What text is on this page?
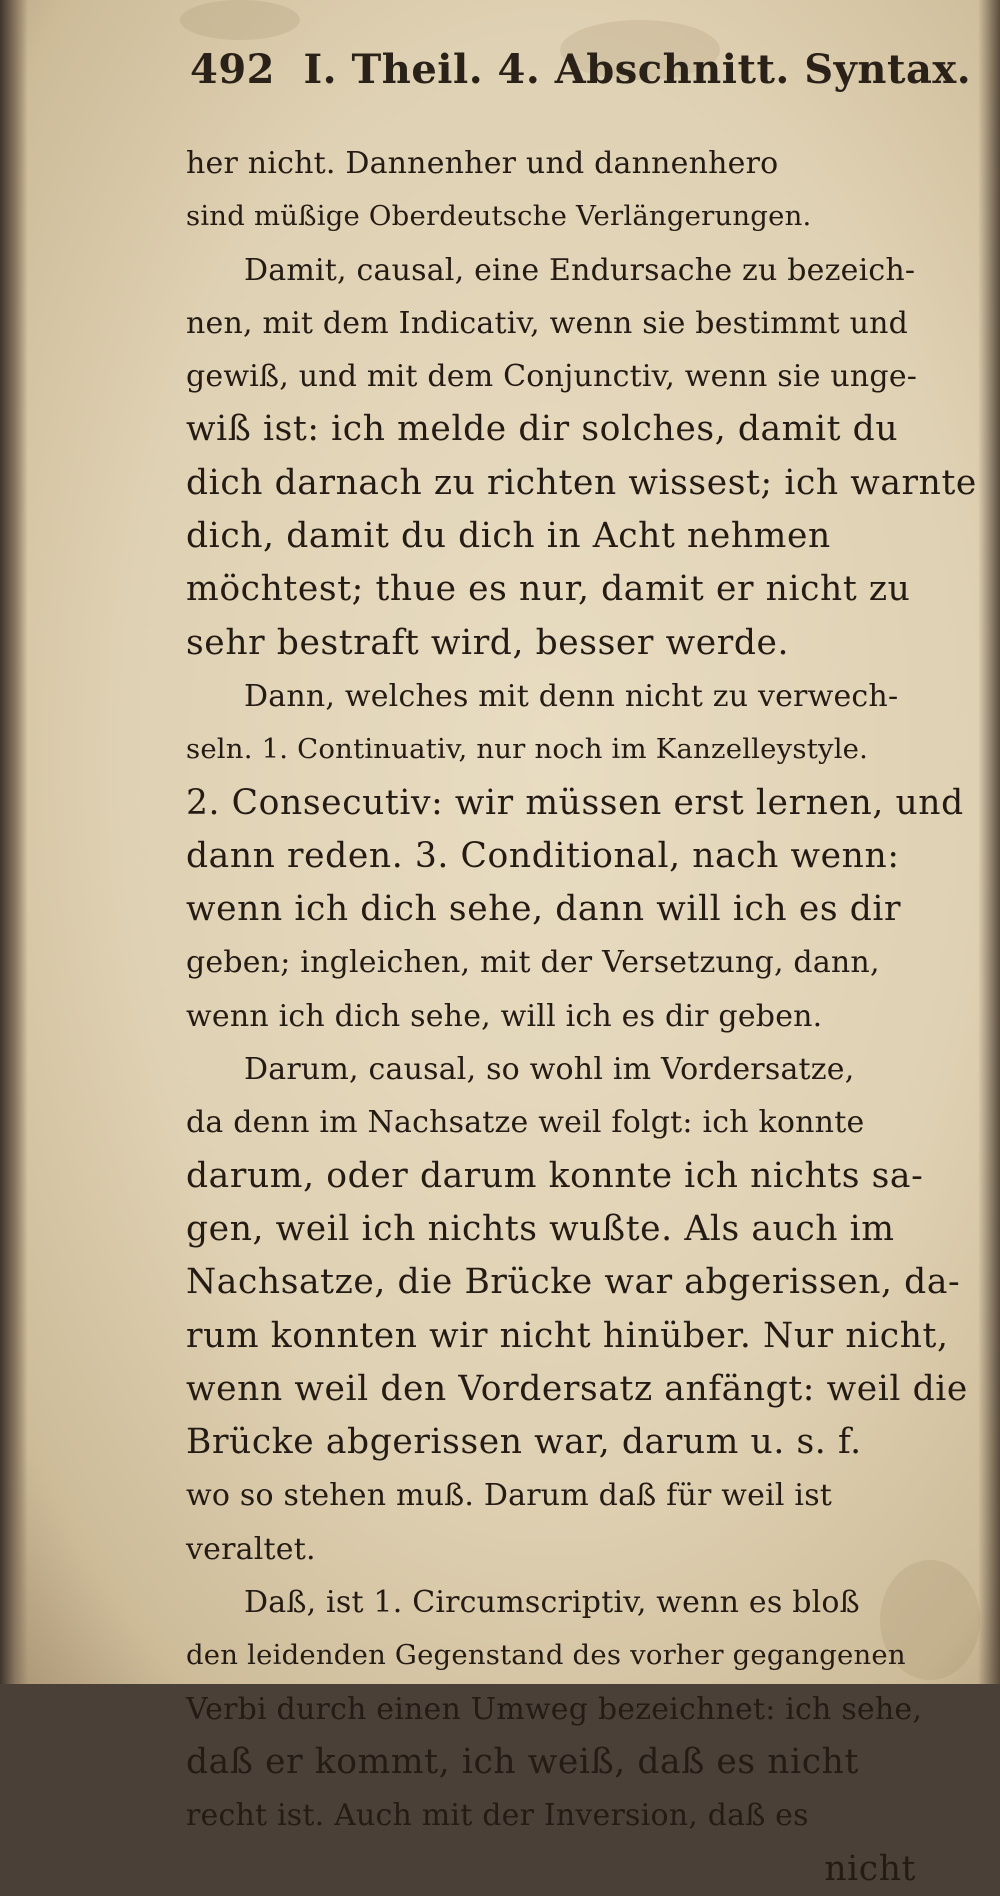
492 I. Theil. 4. Abschnitt. Syntax.
her nicht. Dannenher und dannenhero
sind müßige Oberdeutsche Verlängerungen.
Damit, causal, eine Endursache zu bezeich-
nen, mit dem Indicativ, wenn sie bestimmt und
gewiß, und mit dem Conjunctiv, wenn sie unge-
wiß ist: ich melde dir solches, damit du
dich darnach zu richten wissest; ich warnte
dich, damit du dich in Acht nehmen
möchtest; thue es nur, damit er nicht zu
sehr bestraft wird, besser werde.
Dann, welches mit denn nicht zu verwech-
seln. 1. Continuativ, nur noch im Kanzelleystyle.
2. Consecutiv: wir müssen erst lernen, und
dann reden. 3. Conditional, nach wenn:
wenn ich dich sehe, dann will ich es dir
geben; ingleichen, mit der Versetzung, dann,
wenn ich dich sehe, will ich es dir geben.
Darum, causal, so wohl im Vordersatze,
da denn im Nachsatze weil folgt: ich konnte
darum, oder darum konnte ich nichts sa-
gen, weil ich nichts wußte. Als auch im
Nachsatze, die Brücke war abgerissen, da-
rum konnten wir nicht hinüber. Nur nicht,
wenn weil den Vordersatz anfängt: weil die
Brücke abgerissen war, darum u. s. f.
wo so stehen muß. Darum daß für weil ist
veraltet.
Daß, ist 1. Circumscriptiv, wenn es bloß
den leidenden Gegenstand des vorher gegangenen
Verbi durch einen Umweg bezeichnet: ich sehe,
daß er kommt, ich weiß, daß es nicht
recht ist. Auch mit der Inversion, daß es
nicht
